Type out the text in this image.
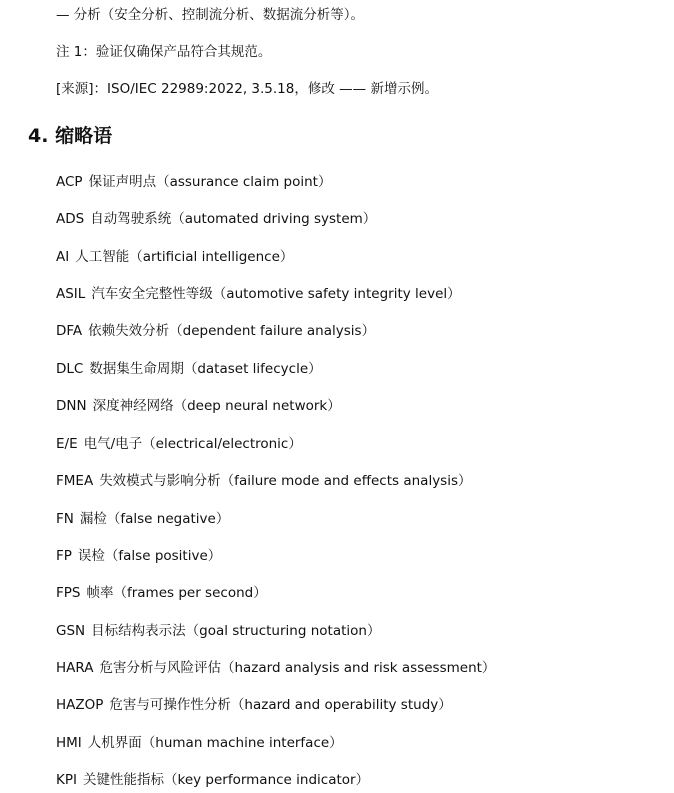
— 分析（安全分析、控制流分析、数据流分析等）。
注 1：验证仅确保产品符合其规范。
[来源]：ISO/IEC 22989:2022, 3.5.18，修改 —— 新增示例。
4. 缩略语
ACP 保证声明点（assurance claim point）
ADS 自动驾驶系统（automated driving system）
AI 人工智能（artificial intelligence）
ASIL 汽车安全完整性等级（automotive safety integrity level）
DFA 依赖失效分析（dependent failure analysis）
DLC 数据集生命周期（dataset lifecycle）
DNN 深度神经网络（deep neural network）
E/E 电气/电子（electrical/electronic）
FMEA 失效模式与影响分析（failure mode and effects analysis）
FN 漏检（false negative）
FP 误检（false positive）
FPS 帧率（frames per second）
GSN 目标结构表示法（goal structuring notation）
HARA 危害分析与风险评估（hazard analysis and risk assessment）
HAZOP 危害与可操作性分析（hazard and operability study）
HMI 人机界面（human machine interface）
KPI 关键性能指标（key performance indicator）
